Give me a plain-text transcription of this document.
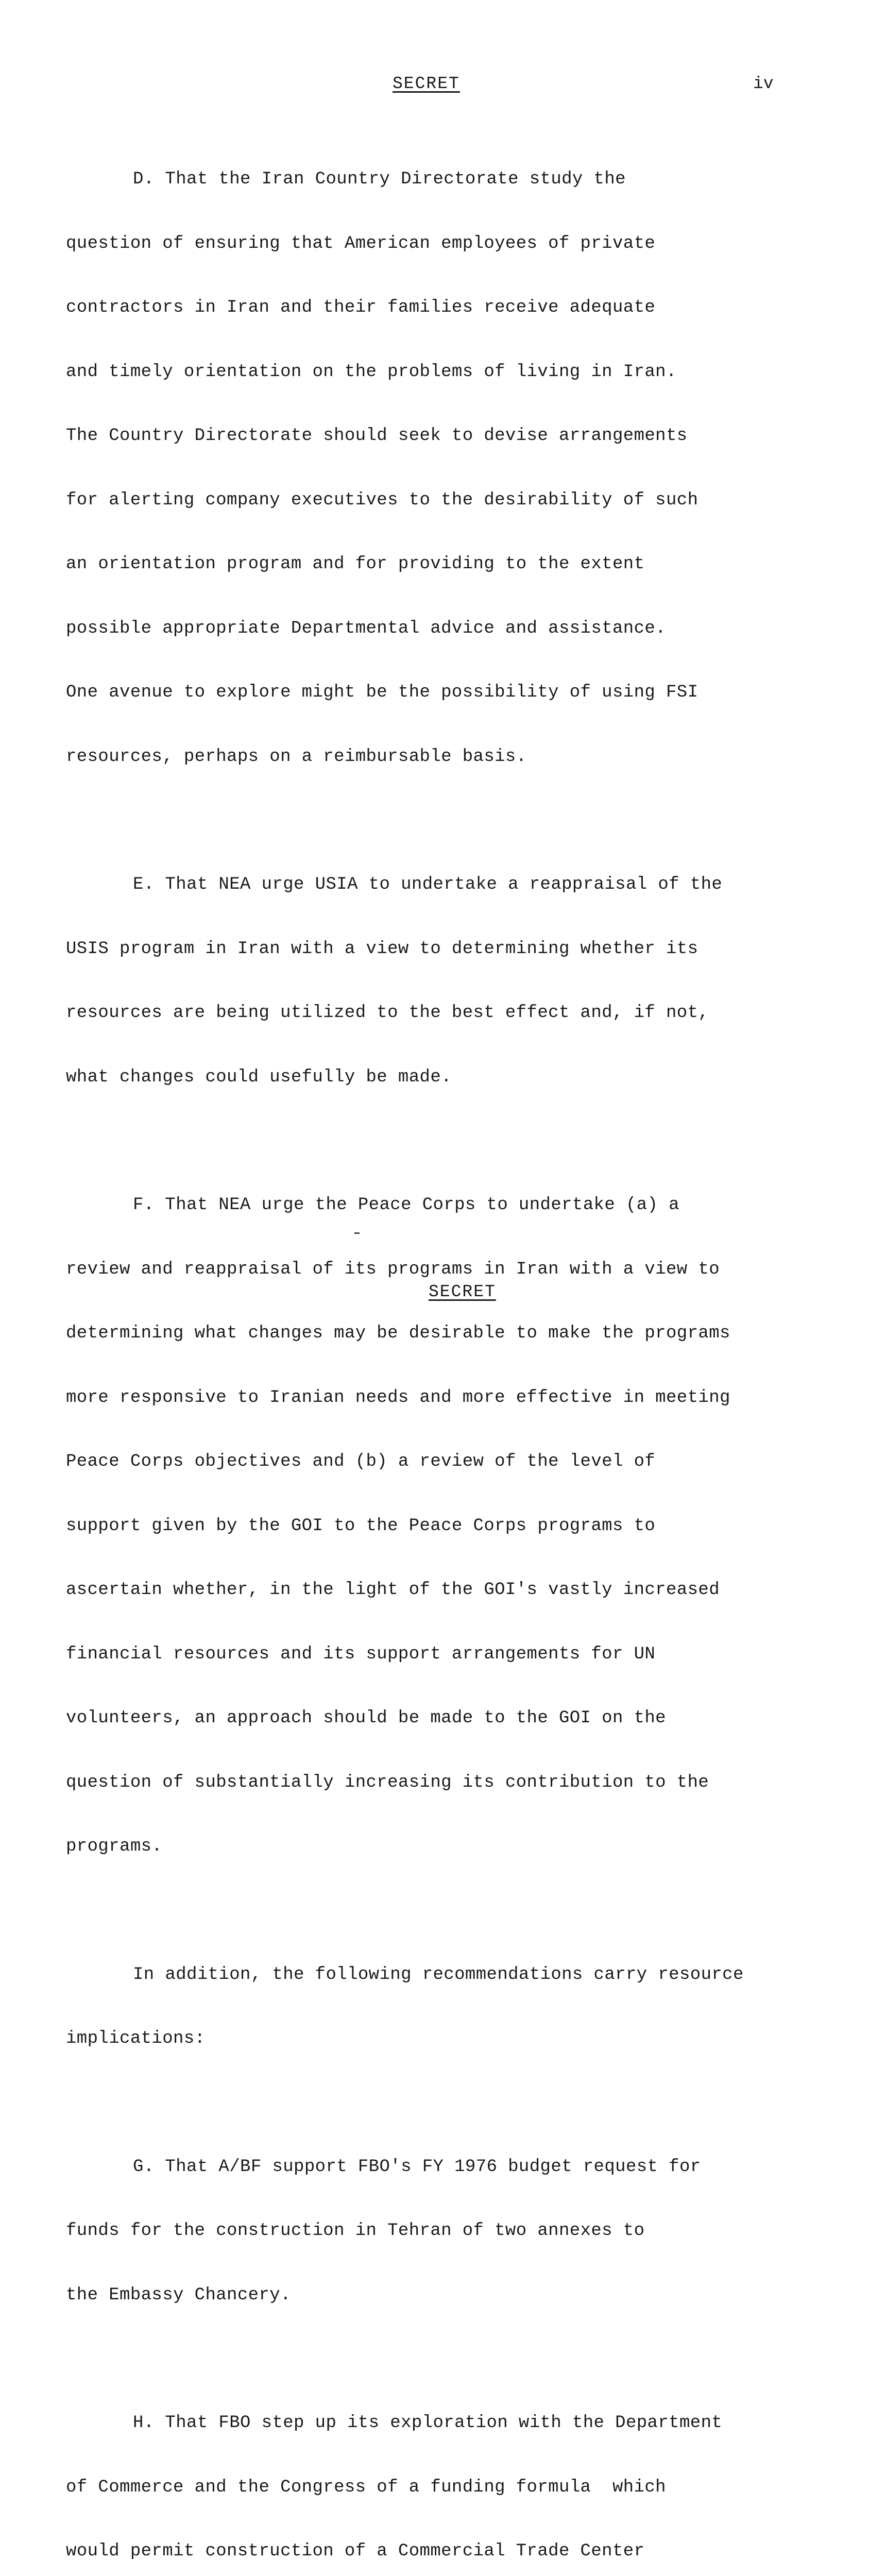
SECRET	iv

D. That the Iran Country Directorate study the

question of ensuring that American employees of private

contractors in Iran and their families receive adequate

and timely orientation on the problems of living in Iran.

The Country Directorate should seek to devise arrangements

for alerting company executives to the desirability of such

an orientation program and for providing to the extent

possible appropriate Departmental advice and assistance.

One avenue to explore might be the possibility of using FSI

resources, perhaps on a reimbursable basis.

E. That NEA urge USIA to undertake a reappraisal of the

USIS program in Iran with a view to determining whether its

resources are being utilized to the best effect and, if not,

what changes could usefully be made.

F. That NEA urge the Peace Corps to undertake (a) a

review and reappraisal of its programs in Iran with a view to

determining what changes may be desirable to make the programs

more responsive to Iranian needs and more effective in meeting

Peace Corps objectives and (b) a review of the level of

support given by the GOI to the Peace Corps programs to

ascertain whether, in the light of the GOI's vastly increased

financial resources and its support arrangements for UN

volunteers, an approach should be made to the GOI on the

question of substantially increasing its contribution to the

programs.

In addition, the following recommendations carry resource

implications:

G. That A/BF support FBO's FY 1976 budget request for

funds for the construction in Tehran of two annexes to

the Embassy Chancery.

H. That FBO step up its exploration with the Department

of Commerce and the Congress of a funding formula  which

would permit construction of a Commercial Trade Center

SECRET
